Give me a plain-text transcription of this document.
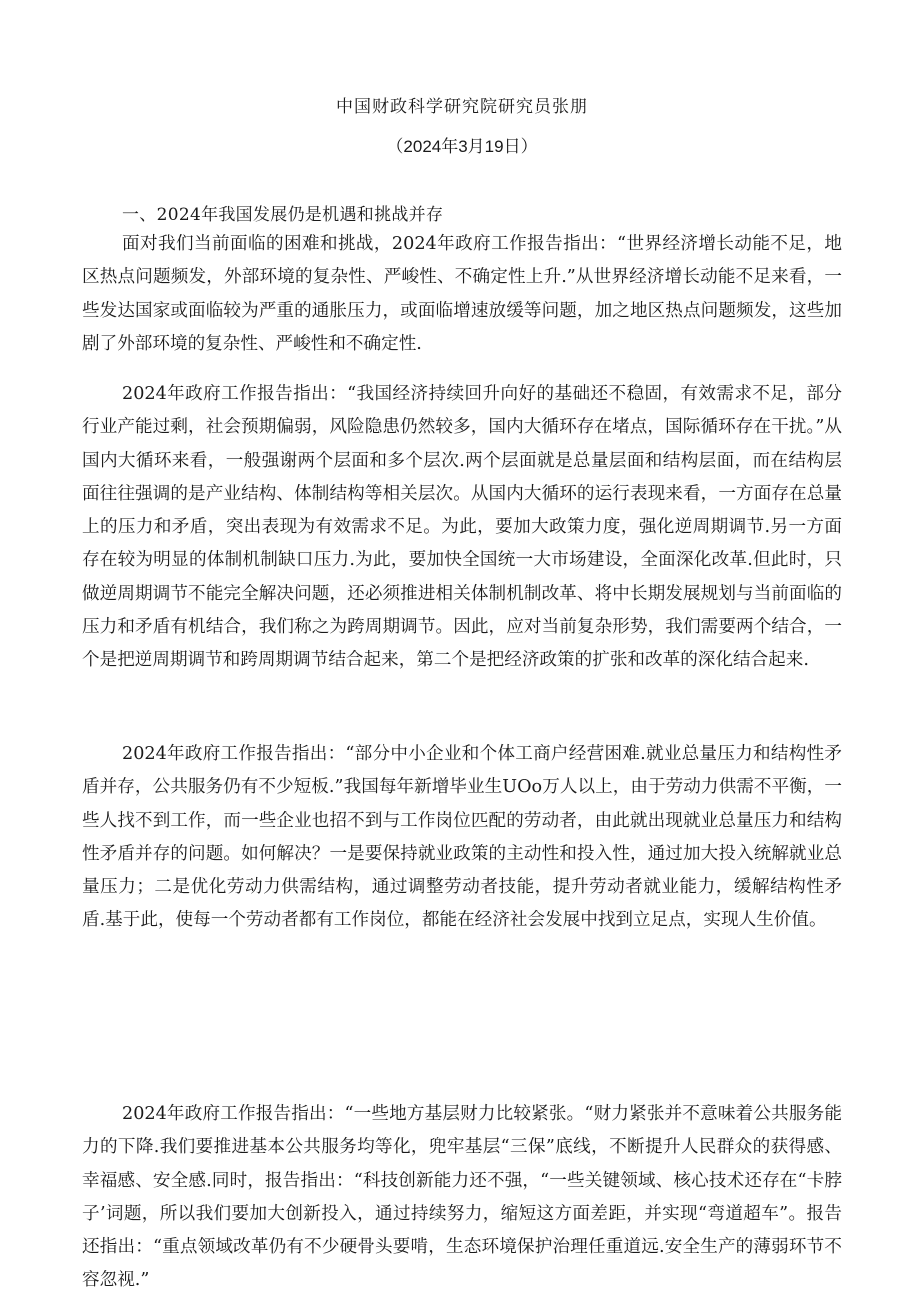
中国财政科学研究院研究员张朋
（2024年3月19日）
一、2024年我国发展仍是机遇和挑战并存

面对我们当前面临的困难和挑战，2024年政府工作报告指出：“世界经济增长动能不足，地区热点问题频发，外部环境的复杂性、严峻性、不确定性上升.”从世界经济增长动能不足来看，一些发达国家或面临较为严重的通胀压力，或面临增速放缓等问题，加之地区热点问题频发，这些加剧了外部环境的复杂性、严峻性和不确定性.

2024年政府工作报告指出：“我国经济持续回升向好的基础还不稳固，有效需求不足，部分行业产能过剩，社会预期偏弱，风险隐患仍然较多，国内大循环存在堵点，国际循环存在干扰。”从国内大循环来看，一般强谢两个层面和多个层次.两个层面就是总量层面和结构层面，而在结构层面往往强调的是产业结构、体制结构等相关层次。从国内大循环的运行表现来看，一方面存在总量上的压力和矛盾，突出表现为有效需求不足。为此，要加大政策力度，强化逆周期调节.另一方面存在较为明显的体制机制缺口压力.为此，要加快全国统一大市场建设，全面深化改革.但此时，只做逆周期调节不能完全解决问题，还必须推进相关体制机制改革、将中长期发展规划与当前面临的压力和矛盾有机结合，我们称之为跨周期调节。因此，应对当前复杂形势，我们需要两个结合，一个是把逆周期调节和跨周期调节结合起来，第二个是把经济政策的扩张和改革的深化结合起来.

2024年政府工作报告指出：“部分中小企业和个体工商户经营困难.就业总量压力和结构性矛盾并存，公共服务仍有不少短板.”我国每年新增毕业生UOo万人以上，由于劳动力供需不平衡，一些人找不到工作，而一些企业也招不到与工作岗位匹配的劳动者，由此就出现就业总量压力和结构性矛盾并存的问题。如何解决？一是要保持就业政策的主动性和投入性，通过加大投入统解就业总量压力；二是优化劳动力供需结构，通过调整劳动者技能，提升劳动者就业能力，缓解结构性矛盾.基于此，使每一个劳动者都有工作岗位，都能在经济社会发展中找到立足点，实现人生价值。

2024年政府工作报告指出：“一些地方基层财力比较紧张。“财力紧张并不意味着公共服务能力的下降.我们要推进基本公共服务均等化，兜牢基层“三保”底线，不断提升人民群众的获得感、幸福感、安全感.同时，报告指出：“科技创新能力还不强，“一些关键领域、核心技术还存在“卡脖子’词题，所以我们要加大创新投入，通过持续努力，缩短这方面差距，并实现“弯道超车”。报告还指出：“重点领域改革仍有不少硬骨头要啃，生态环境保护治理任重道远.安全生产的薄弱环节不容忽视.”
